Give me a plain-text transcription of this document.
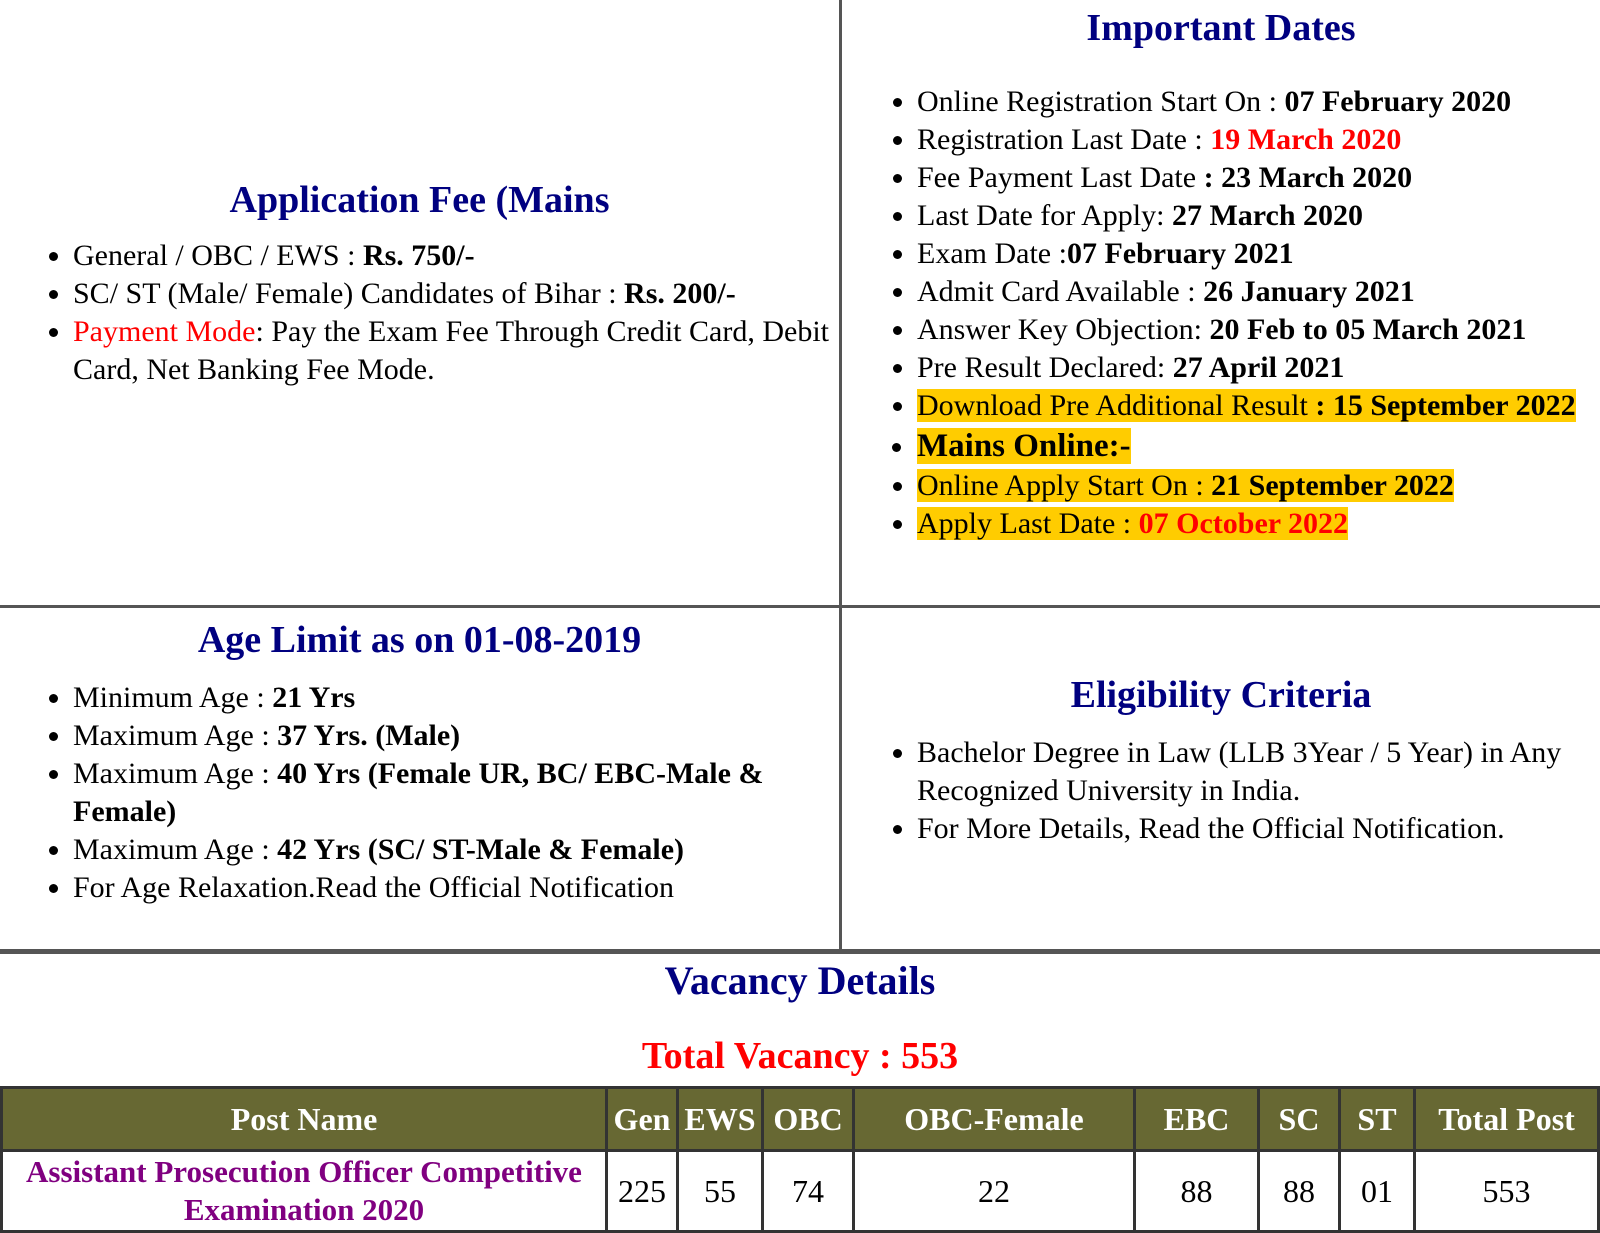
Application Fee (Mains
• General / OBC / EWS : Rs. 750/-
• SC/ ST (Male/ Female) Candidates of Bihar : Rs. 200/-
• Payment Mode: Pay the Exam Fee Through Credit Card, Debit Card, Net Banking Fee Mode.
Important Dates
• Online Registration Start On : 07 February 2020
• Registration Last Date : 19 March 2020
• Fee Payment Last Date : 23 March 2020
• Last Date for Apply: 27 March 2020
• Exam Date :07 February 2021
• Admit Card Available : 26 January 2021
• Answer Key Objection: 20 Feb to 05 March 2021
• Pre Result Declared: 27 April 2021
• Download Pre Additional Result : 15 September 2022
• Mains Online:-
• Online Apply Start On : 21 September 2022
• Apply Last Date : 07 October 2022
Age Limit as on 01-08-2019
• Minimum Age : 21 Yrs
• Maximum Age : 37 Yrs. (Male)
• Maximum Age : 40 Yrs (Female UR, BC/ EBC-Male & Female)
• Maximum Age : 42 Yrs (SC/ ST-Male & Female)
• For Age Relaxation.Read the Official Notification
Eligibility Criteria
• Bachelor Degree in Law (LLB 3Year / 5 Year) in Any Recognized University in India.
• For More Details, Read the Official Notification.
Vacancy Details
Total Vacancy : 553
Post Name	Gen	EWS	OBC	OBC-Female	EBC	SC	ST	Total Post
Assistant Prosecution Officer Competitive Examination 2020	225	55	74	22	88	88	01	553
